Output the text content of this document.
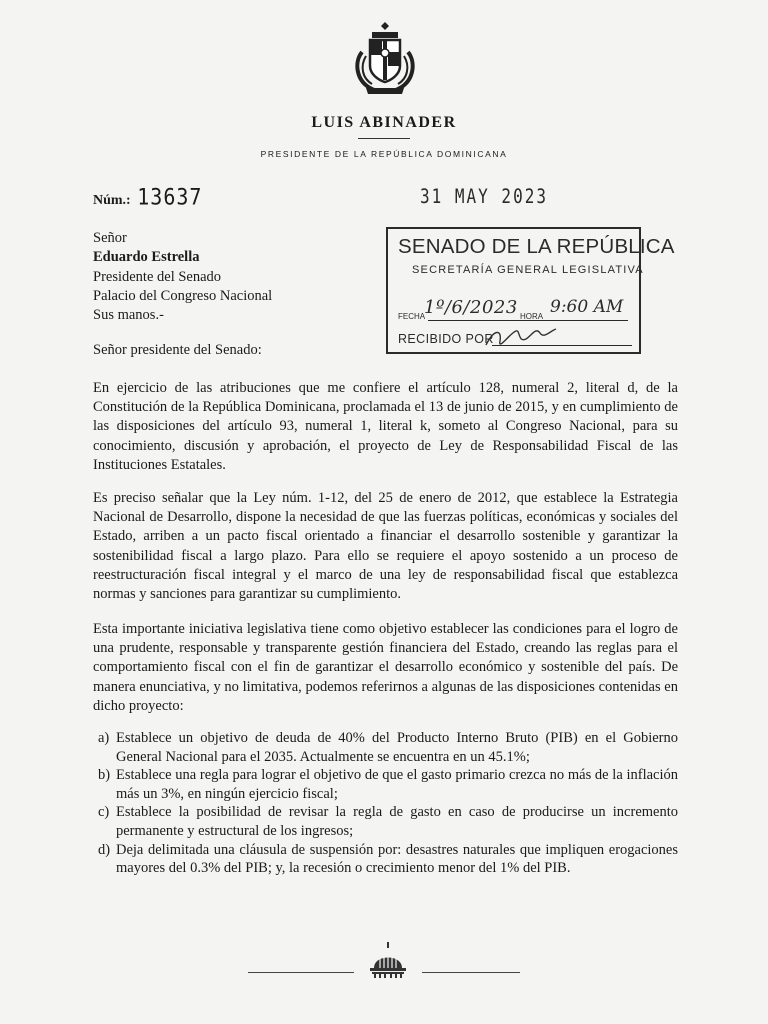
LUIS ABINADER
PRESIDENTE DE LA REPÚBLICA DOMINICANA
Núm.: 13637	31 MAY 2023
Señor
Eduardo Estrella
Presidente del Senado
Palacio del Congreso Nacional
Sus manos.-
SENADO DE LA REPÚBLICA
SECRETARÍA GENERAL LEGISLATIVA
1º/6/2023 9:60 AM
FECHA	HORA
RECIBIDO POR
Señor presidente del Senado:

En ejercicio de las atribuciones que me confiere el artículo 128, numeral 2, literal d, de la Constitución de la República Dominicana, proclamada el 13 de junio de 2015, y en cumplimiento de las disposiciones del artículo 93, numeral 1, literal k, someto al Congreso Nacional, para su conocimiento, discusión y aprobación, el proyecto de Ley de Responsabilidad Fiscal de las Instituciones Estatales.

Es preciso señalar que la Ley núm. 1-12, del 25 de enero de 2012, que establece la Estrategia Nacional de Desarrollo, dispone la necesidad de que las fuerzas políticas, económicas y sociales del Estado, arriben a un pacto fiscal orientado a financiar el desarrollo sostenible y garantizar la sostenibilidad fiscal a largo plazo. Para ello se requiere el apoyo sostenido a un proceso de reestructuración fiscal integral y el marco de una ley de responsabilidad fiscal que establezca normas y sanciones para garantizar su cumplimiento.

Esta importante iniciativa legislativa tiene como objetivo establecer las condiciones para el logro de una prudente, responsable y transparente gestión financiera del Estado, creando las reglas para el comportamiento fiscal con el fin de garantizar el desarrollo económico y sostenible del país. De manera enunciativa, y no limitativa, podemos referirnos a algunas de las disposiciones contenidas en dicho proyecto:

a) Establece un objetivo de deuda de 40% del Producto Interno Bruto (PIB) en el Gobierno General Nacional para el 2035. Actualmente se encuentra en un 45.1%;
b) Establece una regla para lograr el objetivo de que el gasto primario crezca no más de la inflación más un 3%, en ningún ejercicio fiscal;
c) Establece la posibilidad de revisar la regla de gasto en caso de producirse un incremento permanente y estructural de los ingresos;
d) Deja delimitada una cláusula de suspensión por: desastres naturales que impliquen erogaciones mayores del 0.3% del PIB; y, la recesión o crecimiento menor del 1% del PIB.
